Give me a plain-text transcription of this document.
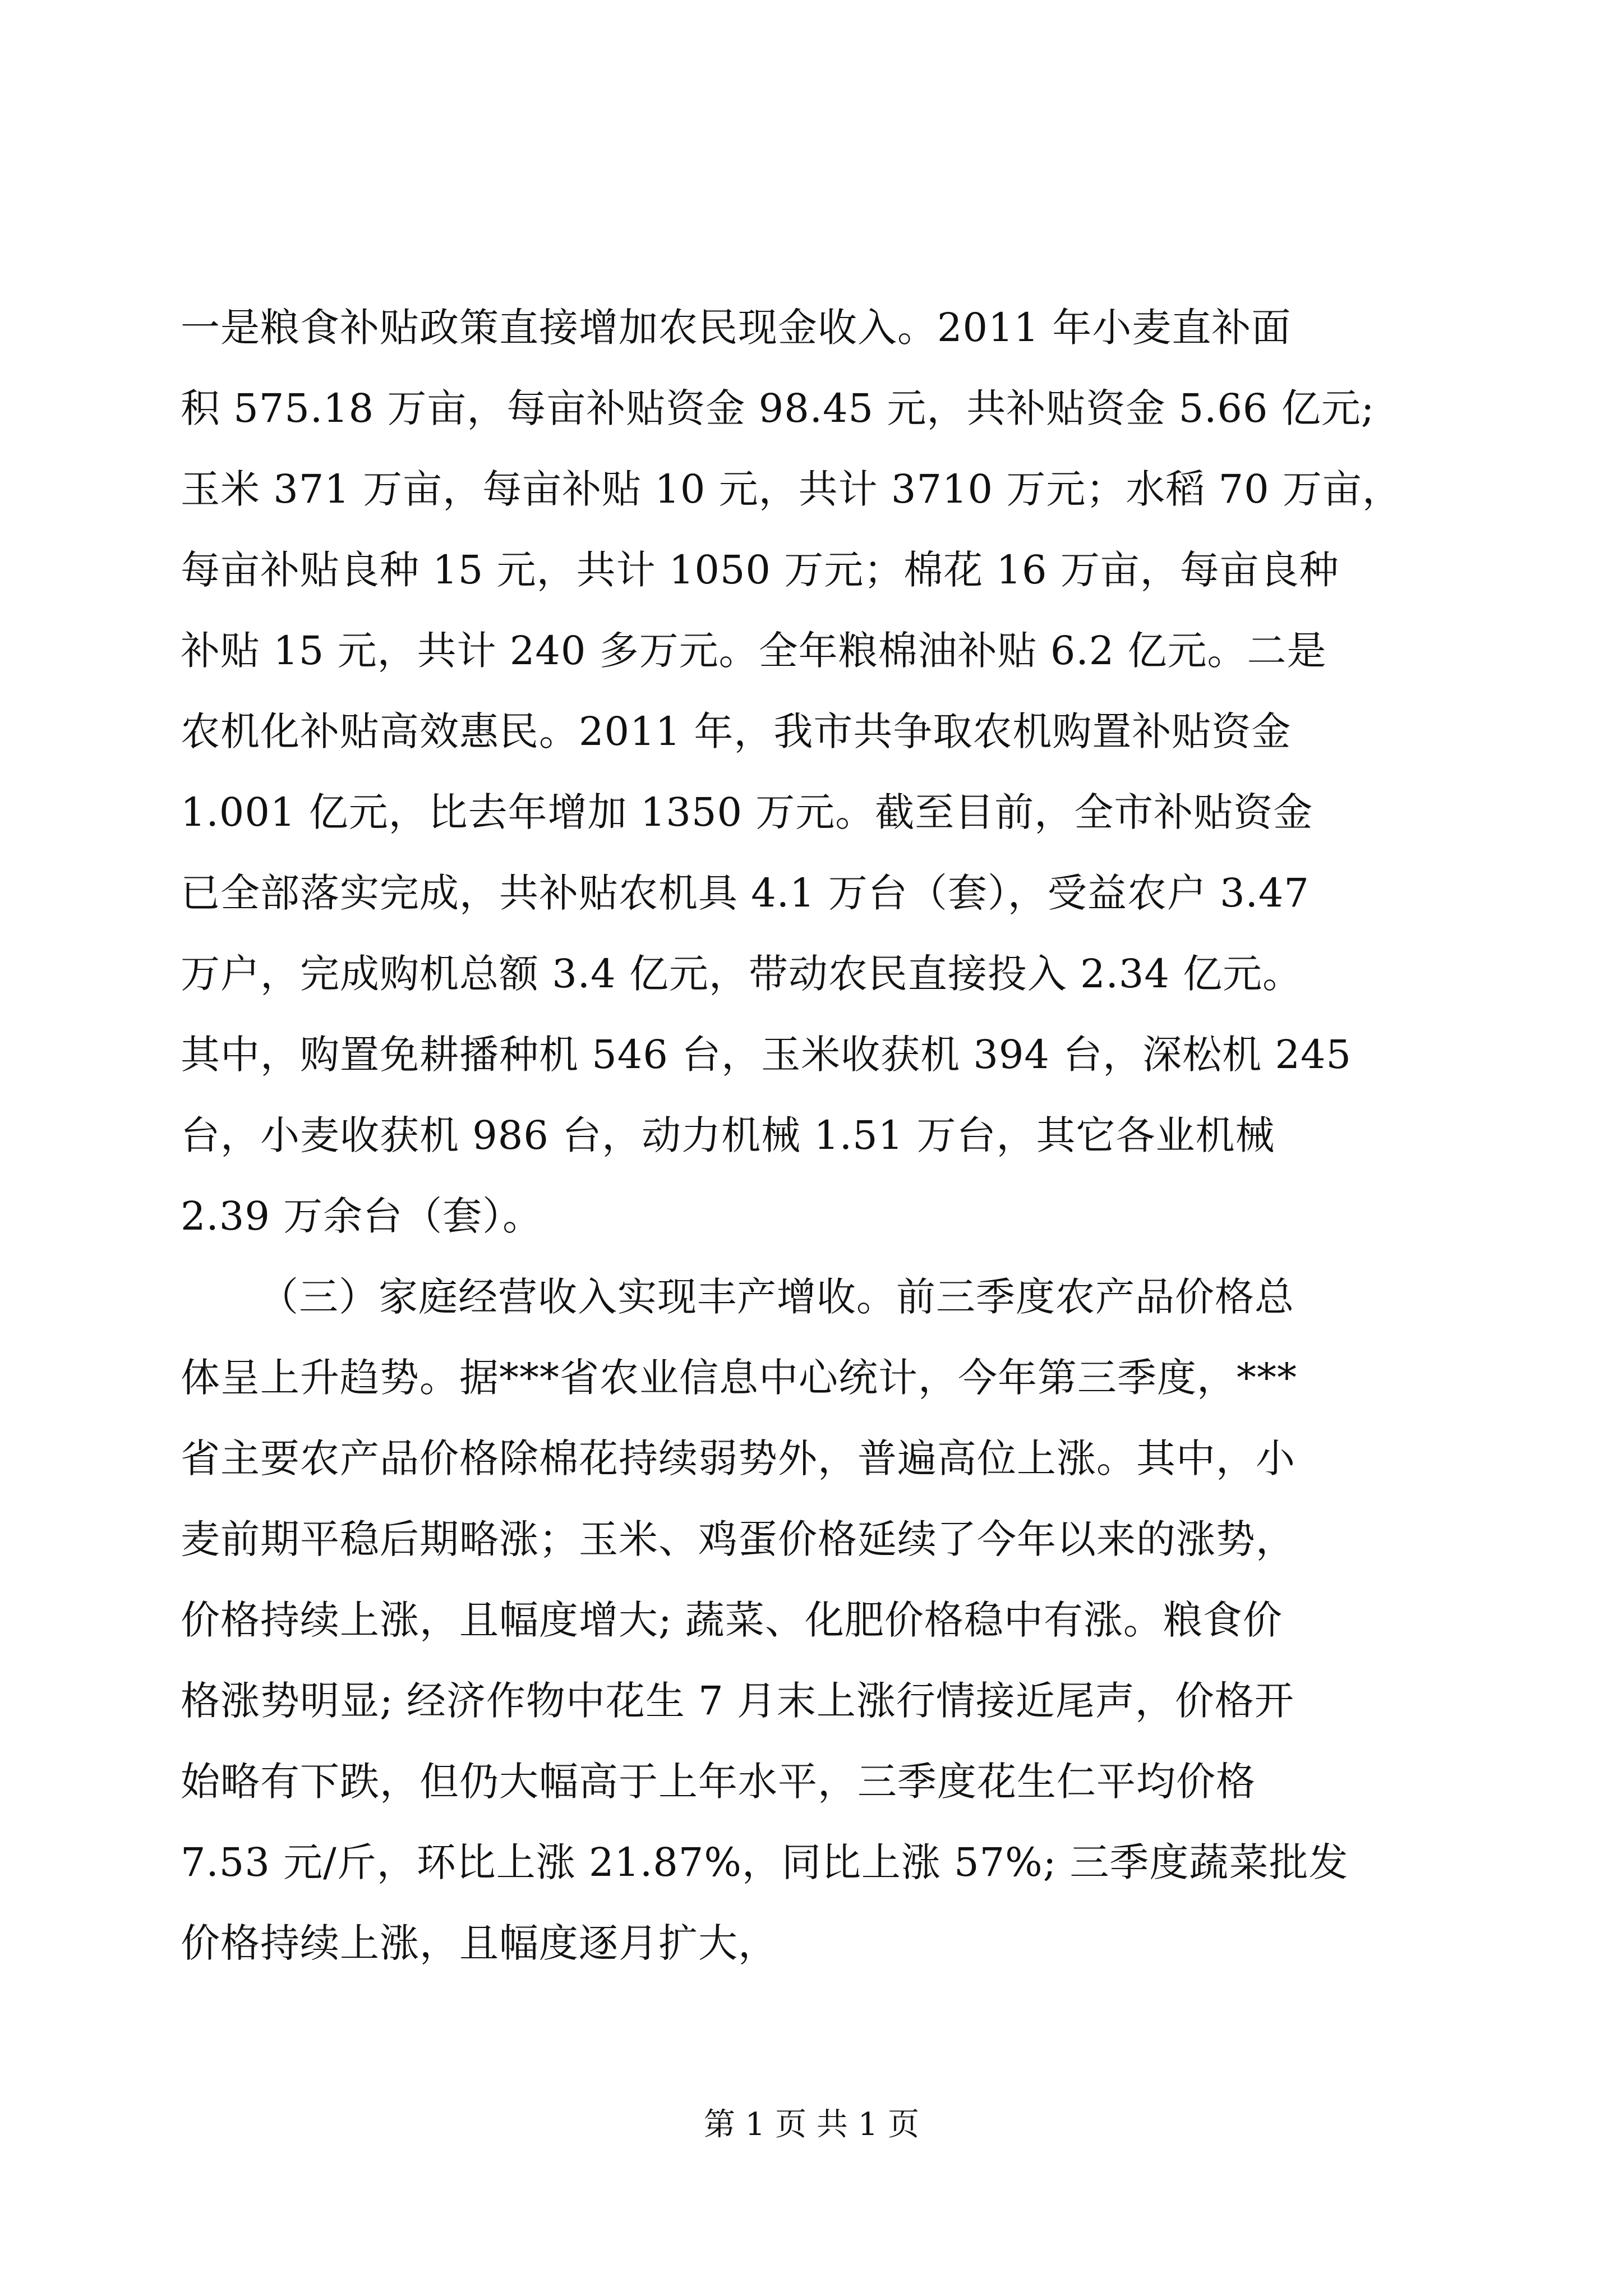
一是粮食补贴政策直接增加农民现金收入。2011 年小麦直补面
积 575.18 万亩，每亩补贴资金 98.45 元，共补贴资金 5.66 亿元;
玉米 371 万亩，每亩补贴 10 元，共计 3710 万元；水稻 70 万亩，
每亩补贴良种 15 元，共计 1050 万元；棉花 16 万亩，每亩良种
补贴 15 元，共计 240 多万元。全年粮棉油补贴 6.2 亿元。二是
农机化补贴高效惠民。2011 年，我市共争取农机购置补贴资金
1.001 亿元，比去年增加 1350 万元。截至目前，全市补贴资金
已全部落实完成，共补贴农机具 4.1 万台（套），受益农户 3.47
万户，完成购机总额 3.4 亿元，带动农民直接投入 2.34 亿元。
其中，购置免耕播种机 546 台，玉米收获机 394 台，深松机 245
台，小麦收获机 986 台，动力机械 1.51 万台，其它各业机械
2.39 万余台（套）。
（三）家庭经营收入实现丰产增收。前三季度农产品价格总
体呈上升趋势。据***省农业信息中心统计，今年第三季度，***
省主要农产品价格除棉花持续弱势外，普遍高位上涨。其中，小
麦前期平稳后期略涨；玉米、鸡蛋价格延续了今年以来的涨势，
价格持续上涨，且幅度增大; 蔬菜、化肥价格稳中有涨。粮食价
格涨势明显; 经济作物中花生 7 月末上涨行情接近尾声，价格开
始略有下跌，但仍大幅高于上年水平，三季度花生仁平均价格
7.53 元/斤，环比上涨 21.87%，同比上涨 57%; 三季度蔬菜批发
价格持续上涨，且幅度逐月扩大，
第 1 页 共 1 页
